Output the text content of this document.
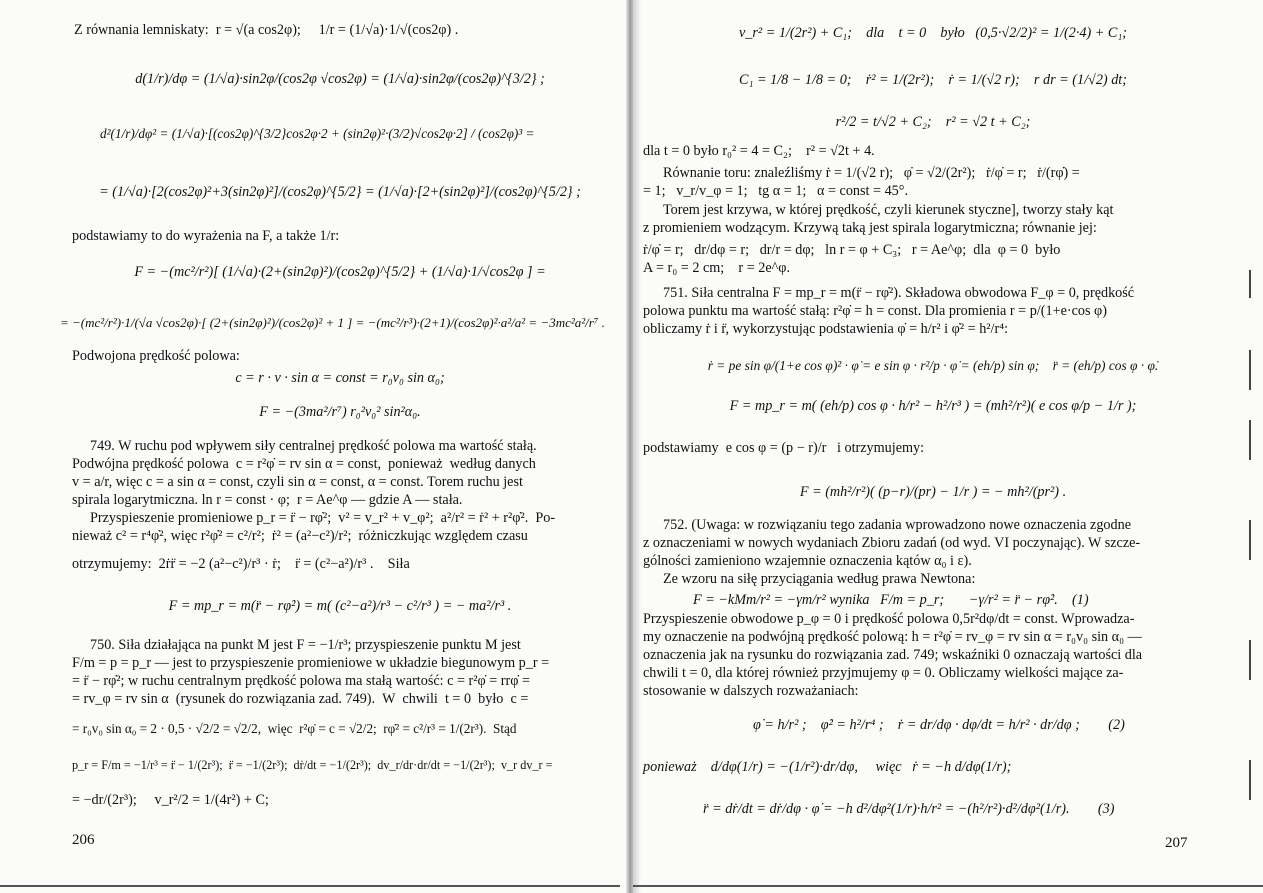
Z równania lemniskaty:  r = √(a cos2φ);     1/r = (1/√a)·1/√(cos2φ) .
d(1/r)/dφ = (1/√a)·sin2φ/(cos2φ √cos2φ) = (1/√a)·sin2φ/(cos2φ)^{3/2} ;
d²(1/r)/dφ² = (1/√a)·[(cos2φ)^{3/2}cos2φ·2 + (sin2φ)²·(3/2)√cos2φ·2] / (cos2φ)³ =
= (1/√a)·[2(cos2φ)²+3(sin2φ)²]/(cos2φ)^{5/2} = (1/√a)·[2+(sin2φ)²]/(cos2φ)^{5/2} ;
podstawiamy to do wyrażenia na F, a także 1/r:
F = −(mc²/r²)[ (1/√a)·(2+(sin2φ)²)/(cos2φ)^{5/2} + (1/√a)·1/√cos2φ ] =
= −(mc²/r²)·1/(√a √cos2φ)·[ (2+(sin2φ)²)/(cos2φ)² + 1 ] = −(mc²/r³)·(2+1)/(cos2φ)²·a²/a² = −3mc²a²/r⁷ .
Podwojona prędkość polowa:
c = r · v · sin α = const = r₀v₀ sin α₀;
F = −(3ma²/r⁷) r₀²v₀² sin²α₀.
749. W ruchu pod wpływem siły centralnej prędkość polowa ma wartość stałą.
Podwójna prędkość polowa  c = r²φ̇ = rv sin α = const,  ponieważ  według danych
v = a/r, więc c = a sin α = const, czyli sin α = const, α = const. Torem ruchu jest
spirala logarytmiczna. ln r = const · φ;  r = Ae^φ — gdzie A — stała.
Przyspieszenie promieniowe p_r = r̈ − rφ̇²;  v² = v_r² + v_φ²;  a²/r² = ṙ² + r²φ̇².  Po-
nieważ c² = r⁴φ̇², więc r²φ̇² = c²/r²;  ṙ² = (a²−c²)/r²;  różniczkując względem czasu
otrzymujemy:  2ṙr̈ = −2 (a²−c²)/r³ · ṙ;    r̈ = (c²−a²)/r³ .    Siła
F = mp_r = m(r̈ − rφ̇²) = m( (c²−a²)/r³ − c²/r³ ) = − ma²/r³ .
750. Siła działająca na punkt M jest F = −1/r³; przyspieszenie punktu M jest
F/m = p = p_r — jest to przyspieszenie promieniowe w układzie biegunowym p_r =
= r̈ − rφ̇²; w ruchu centralnym prędkość polowa ma stałą wartość: c = r²φ̇ = rrφ̇ =
= rv_φ = rv sin α  (rysunek do rozwiązania zad. 749).  W  chwili  t = 0  było  c =
= r₀v₀ sin α₀ = 2 · 0,5 · √2/2 = √2/2,  więc  r²φ̇ = c = √2/2;  rφ̇² = c²/r³ = 1/(2r³).  Stąd
p_r = F/m = −1/r³ = r̈ − 1/(2r³);  r̈ = −1/(2r³);  dṙ/dt = −1/(2r³);  dv_r/dr·dr/dt = −1/(2r³);  v_r dv_r =
= −dr/(2r³);     v_r²/2 = 1/(4r²) + C;
206
v_r² = 1/(2r²) + C₁;    dla    t = 0    było   (0,5·√2/2)² = 1/(2·4) + C₁;
C₁ = 1/8 − 1/8 = 0;    ṙ² = 1/(2r²);    ṙ = 1/(√2 r);    r dr = (1/√2) dt;
r²/2 = t/√2 + C₂;    r² = √2 t + C₂;
dla t = 0 było r₀² = 4 = C₂;    r² = √2t + 4.
Równanie toru: znaleźliśmy ṙ = 1/(√2 r);   φ̇ = √2/(2r²);   ṙ/φ̇ = r;   ṙ/(rφ̇) =
= 1;   v_r/v_φ = 1;   tg α = 1;   α = const = 45°.
Torem jest krzywa, w której prędkość, czyli kierunek styczne], tworzy stały kąt
z promieniem wodzącym. Krzywą taką jest spirala logarytmiczna; równanie jej:
ṙ/φ̇ = r;   dr/dφ = r;   dr/r = dφ;   ln r = φ + C₃;   r = Ae^φ;  dla  φ = 0  było
A = r₀ = 2 cm;    r = 2e^φ.
751. Siła centralna F = mp_r = m(r̈ − rφ̇²). Składowa obwodowa F_φ = 0, prędkość
polowa punktu ma wartość stałą: r²φ̇ = h = const. Dla promienia r = p/(1+e·cos φ)
obliczamy ṙ i r̈, wykorzystując podstawienia φ̇ = h/r² i φ̇² = h²/r⁴:
ṙ = pe sin φ/(1+e cos φ)² · φ̇ = e sin φ · r²/p · φ̇ = (eh/p) sin φ;    r̈ = (eh/p) cos φ · φ̇.
F = mp_r = m( (eh/p) cos φ · h/r² − h²/r³ ) = (mh²/r²)( e cos φ/p − 1/r );
podstawiamy  e cos φ = (p − r)/r   i otrzymujemy:
F = (mh²/r²)( (p−r)/(pr) − 1/r ) = − mh²/(pr²) .
752. (Uwaga: w rozwiązaniu tego zadania wprowadzono nowe oznaczenia zgodne
z oznaczeniami w nowych wydaniach Zbioru zadań (od wyd. VI poczynając). W szcze-
gólności zamieniono wzajemnie oznaczenia kątów α₀ i ε).
Ze wzoru na siłę przyciągania według prawa Newtona:
F = −kMm/r² = −γm/r² wynika   F/m = p_r;       −γ/r² = r̈ − rφ̇².    (1)
Przyspieszenie obwodowe p_φ = 0 i prędkość polowa 0,5r²dφ/dt = const. Wprowadza-
my oznaczenie na podwójną prędkość polową: h = r²φ̇ = rv_φ = rv sin α = r₀v₀ sin α₀ —
oznaczenia jak na rysunku do rozwiązania zad. 749; wskaźniki 0 oznaczają wartości dla
chwili t = 0, dla której również przyjmujemy φ = 0. Obliczamy wielkości mające za-
stosowanie w dalszych rozważaniach:
φ̇ = h/r² ;    φ̇² = h²/r⁴ ;    ṙ = dr/dφ · dφ/dt = h/r² · dr/dφ ;        (2)
ponieważ    d/dφ(1/r) = −(1/r²)·dr/dφ,     więc   ṙ = −h d/dφ(1/r);
r̈ = dṙ/dt = dṙ/dφ · φ̇ = −h d²/dφ²(1/r)·h/r² = −(h²/r²)·d²/dφ²(1/r).        (3)
207
